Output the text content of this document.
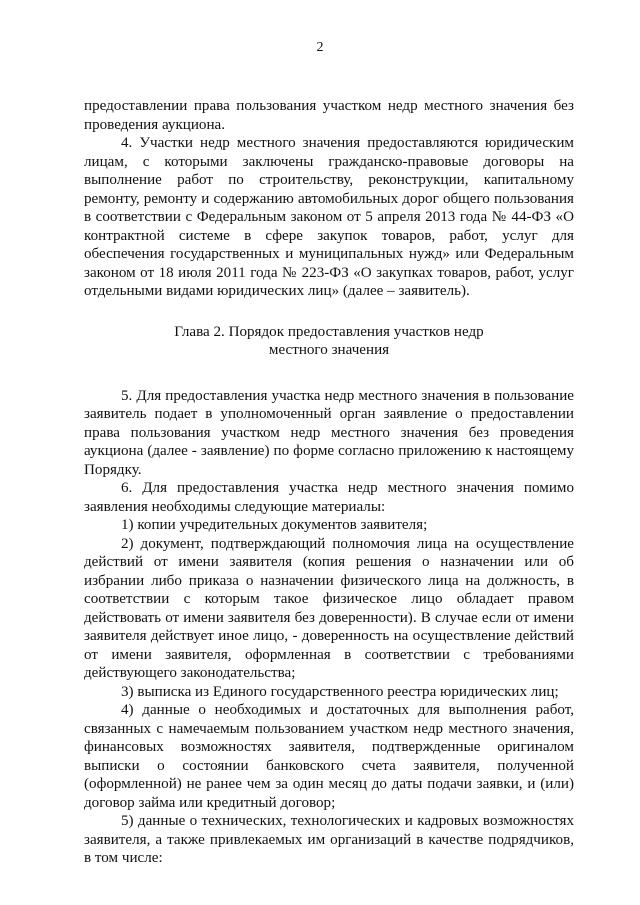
2

предоставлении права пользования участком недр местного значения без проведения аукциона.

4. Участки недр местного значения предоставляются юридическим лицам, с которыми заключены гражданско-правовые договоры на выполнение работ по строительству, реконструкции, капитальному ремонту, ремонту и содержанию автомобильных дорог общего пользования в соответствии с Федеральным законом от 5 апреля 2013 года № 44-ФЗ «О контрактной системе в сфере закупок товаров, работ, услуг для обеспечения государственных и муниципальных нужд» или Федеральным законом от 18 июля 2011 года № 223-ФЗ «О закупках товаров, работ, услуг отдельными видами юридических лиц» (далее – заявитель).

Глава 2. Порядок предоставления участков недр
местного значения

5. Для предоставления участка недр местного значения в пользование заявитель подает в уполномоченный орган заявление о предоставлении права пользования участком недр местного значения без проведения аукциона (далее - заявление) по форме согласно приложению к настоящему Порядку.

6. Для предоставления участка недр местного значения помимо заявления необходимы следующие материалы:

1) копии учредительных документов заявителя;

2) документ, подтверждающий полномочия лица на осуществление действий от имени заявителя (копия решения о назначении или об избрании либо приказа о назначении физического лица на должность, в соответствии с которым такое физическое лицо обладает правом действовать от имени заявителя без доверенности). В случае если от имени заявителя действует иное лицо, - доверенность на осуществление действий от имени заявителя, оформленная в соответствии с требованиями действующего законодательства;

3) выписка из Единого государственного реестра юридических лиц;

4) данные о необходимых и достаточных для выполнения работ, связанных с намечаемым пользованием участком недр местного значения, финансовых возможностях заявителя, подтвержденные оригиналом выписки о состоянии банковского счета заявителя, полученной (оформленной) не ранее чем за один месяц до даты подачи заявки, и (или) договор займа или кредитный договор;

5) данные о технических, технологических и кадровых возможностях заявителя, а также привлекаемых им организаций в качестве подрядчиков, в том числе:
